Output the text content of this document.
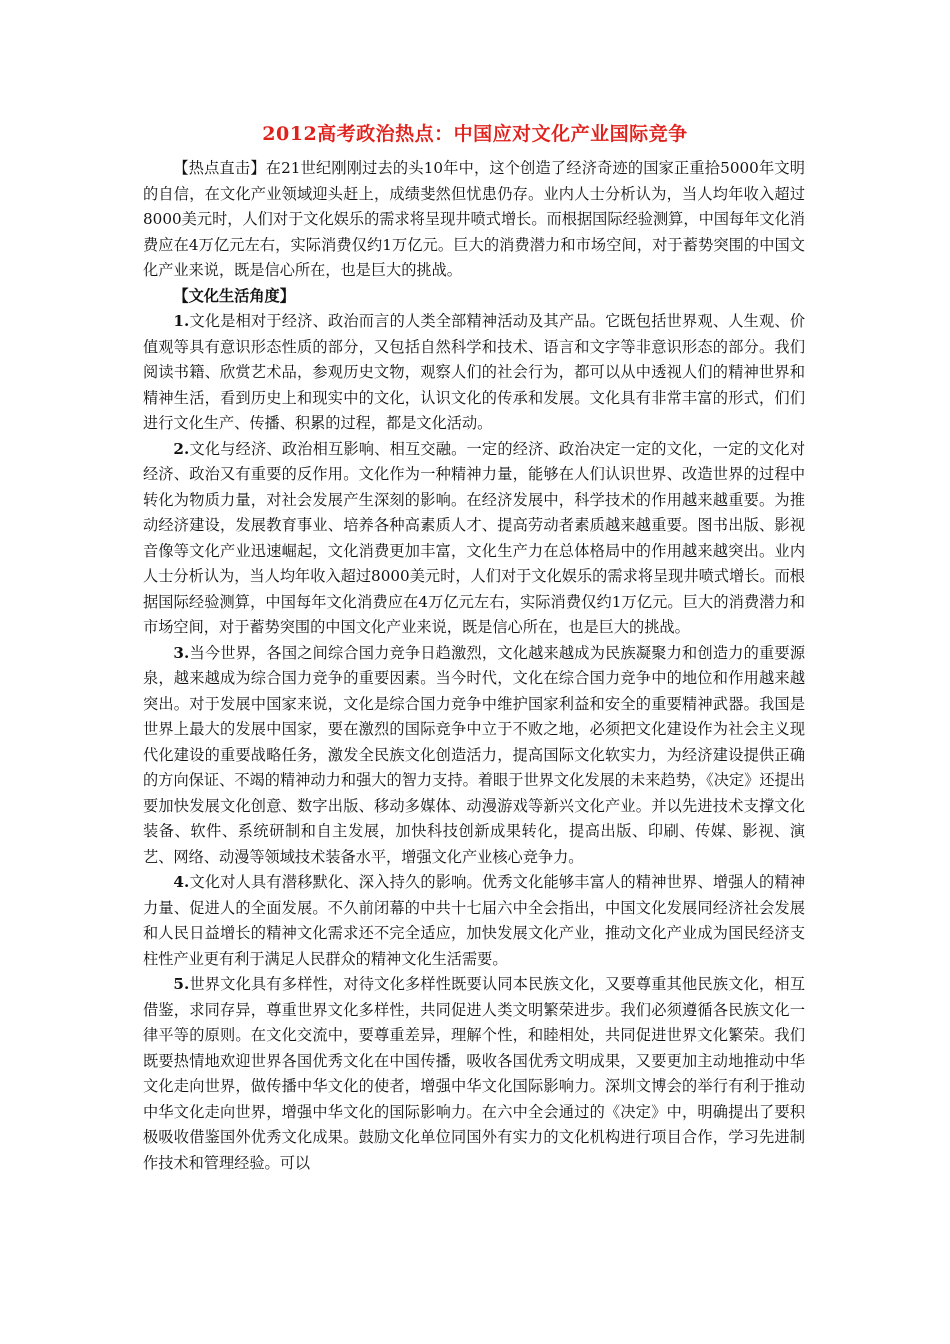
2012高考政治热点：中国应对文化产业国际竞争

【热点直击】在21世纪刚刚过去的头10年中，这个创造了经济奇迹的国家正重拾5000年文明的自信，在文化产业领域迎头赶上，成绩斐然但忧患仍存。业内人士分析认为，当人均年收入超过8000美元时，人们对于文化娱乐的需求将呈现井喷式增长。而根据国际经验测算，中国每年文化消费应在4万亿元左右，实际消费仅约1万亿元。巨大的消费潜力和市场空间，对于蓄势突围的中国文化产业来说，既是信心所在，也是巨大的挑战。

【文化生活角度】

1.文化是相对于经济、政治而言的人类全部精神活动及其产品。它既包括世界观、人生观、价值观等具有意识形态性质的部分，又包括自然科学和技术、语言和文字等非意识形态的部分。我们阅读书籍、欣赏艺术品，参观历史文物，观察人们的社会行为，都可以从中透视人们的精神世界和精神生活，看到历史上和现实中的文化，认识文化的传承和发展。文化具有非常丰富的形式，们们进行文化生产、传播、积累的过程，都是文化活动。

2.文化与经济、政治相互影响、相互交融。一定的经济、政治决定一定的文化，一定的文化对经济、政治又有重要的反作用。文化作为一种精神力量，能够在人们认识世界、改造世界的过程中转化为物质力量，对社会发展产生深刻的影响。在经济发展中，科学技术的作用越来越重要。为推动经济建设，发展教育事业、培养各种高素质人才、提高劳动者素质越来越重要。图书出版、影视音像等文化产业迅速崛起，文化消费更加丰富，文化生产力在总体格局中的作用越来越突出。业内人士分析认为，当人均年收入超过8000美元时，人们对于文化娱乐的需求将呈现井喷式增长。而根据国际经验测算，中国每年文化消费应在4万亿元左右，实际消费仅约1万亿元。巨大的消费潜力和市场空间，对于蓄势突围的中国文化产业来说，既是信心所在，也是巨大的挑战。

3.当今世界，各国之间综合国力竞争日趋激烈，文化越来越成为民族凝聚力和创造力的重要源泉，越来越成为综合国力竞争的重要因素。当今时代，文化在综合国力竞争中的地位和作用越来越突出。对于发展中国家来说，文化是综合国力竞争中维护国家利益和安全的重要精神武器。我国是世界上最大的发展中国家，要在激烈的国际竞争中立于不败之地，必须把文化建设作为社会主义现代化建设的重要战略任务，激发全民族文化创造活力，提高国际文化软实力，为经济建设提供正确的方向保证、不竭的精神动力和强大的智力支持。着眼于世界文化发展的未来趋势，《决定》还提出要加快发展文化创意、数字出版、移动多媒体、动漫游戏等新兴文化产业。并以先进技术支撑文化装备、软件、系统研制和自主发展，加快科技创新成果转化，提高出版、印刷、传媒、影视、演艺、网络、动漫等领域技术装备水平，增强文化产业核心竞争力。

4.文化对人具有潜移默化、深入持久的影响。优秀文化能够丰富人的精神世界、增强人的精神力量、促进人的全面发展。不久前闭幕的中共十七届六中全会指出，中国文化发展同经济社会发展和人民日益增长的精神文化需求还不完全适应，加快发展文化产业，推动文化产业成为国民经济支柱性产业更有利于满足人民群众的精神文化生活需要。

5.世界文化具有多样性，对待文化多样性既要认同本民族文化，又要尊重其他民族文化，相互借鉴，求同存异，尊重世界文化多样性，共同促进人类文明繁荣进步。我们必须遵循各民族文化一律平等的原则。在文化交流中，要尊重差异，理解个性，和睦相处，共同促进世界文化繁荣。我们既要热情地欢迎世界各国优秀文化在中国传播，吸收各国优秀文明成果，又要更加主动地推动中华文化走向世界，做传播中华文化的使者，增强中华文化国际影响力。深圳文博会的举行有利于推动中华文化走向世界，增强中华文化的国际影响力。在六中全会通过的《决定》中，明确提出了要积极吸收借鉴国外优秀文化成果。鼓励文化单位同国外有实力的文化机构进行项目合作，学习先进制作技术和管理经验。可以
